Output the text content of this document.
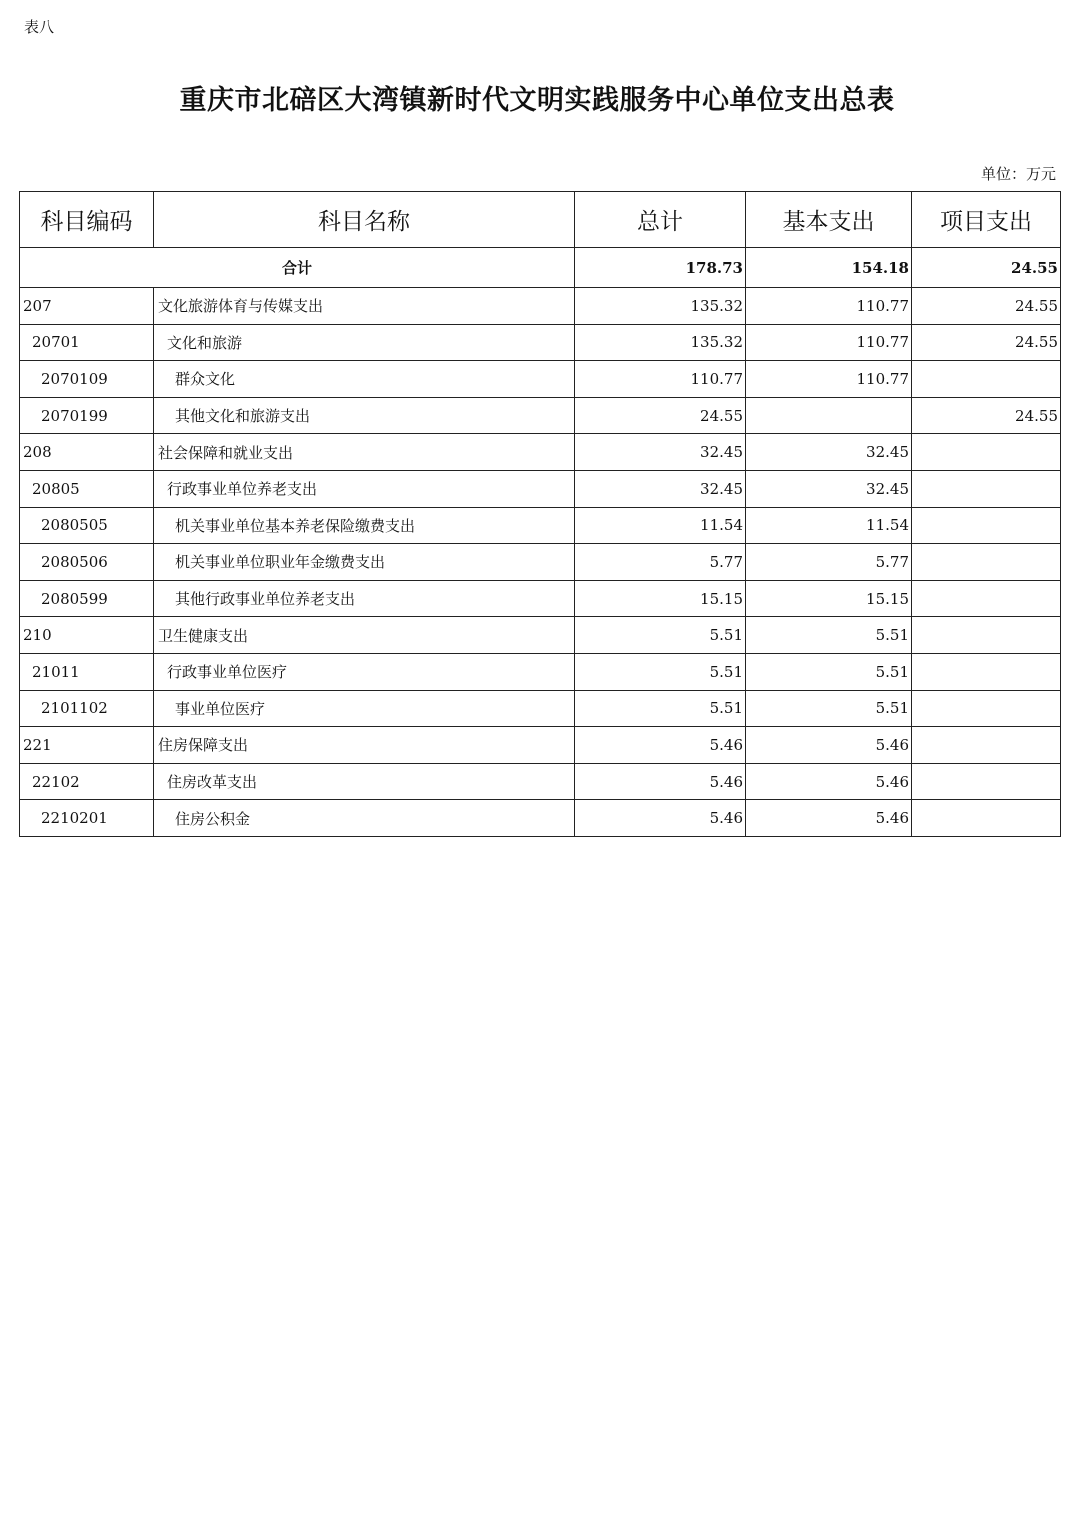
表八
重庆市北碚区大湾镇新时代文明实践服务中心单位支出总表
单位：万元
科目编码	科目名称	总计	基本支出	项目支出
合计		178.73	154.18	24.55
207	文化旅游体育与传媒支出	135.32	110.77	24.55
20701	文化和旅游	135.32	110.77	24.55
2070109	群众文化	110.77	110.77	
2070199	其他文化和旅游支出	24.55		24.55
208	社会保障和就业支出	32.45	32.45	
20805	行政事业单位养老支出	32.45	32.45	
2080505	机关事业单位基本养老保险缴费支出	11.54	11.54	
2080506	机关事业单位职业年金缴费支出	5.77	5.77	
2080599	其他行政事业单位养老支出	15.15	15.15	
210	卫生健康支出	5.51	5.51	
21011	行政事业单位医疗	5.51	5.51	
2101102	事业单位医疗	5.51	5.51	
221	住房保障支出	5.46	5.46	
22102	住房改革支出	5.46	5.46	
2210201	住房公积金	5.46	5.46	
